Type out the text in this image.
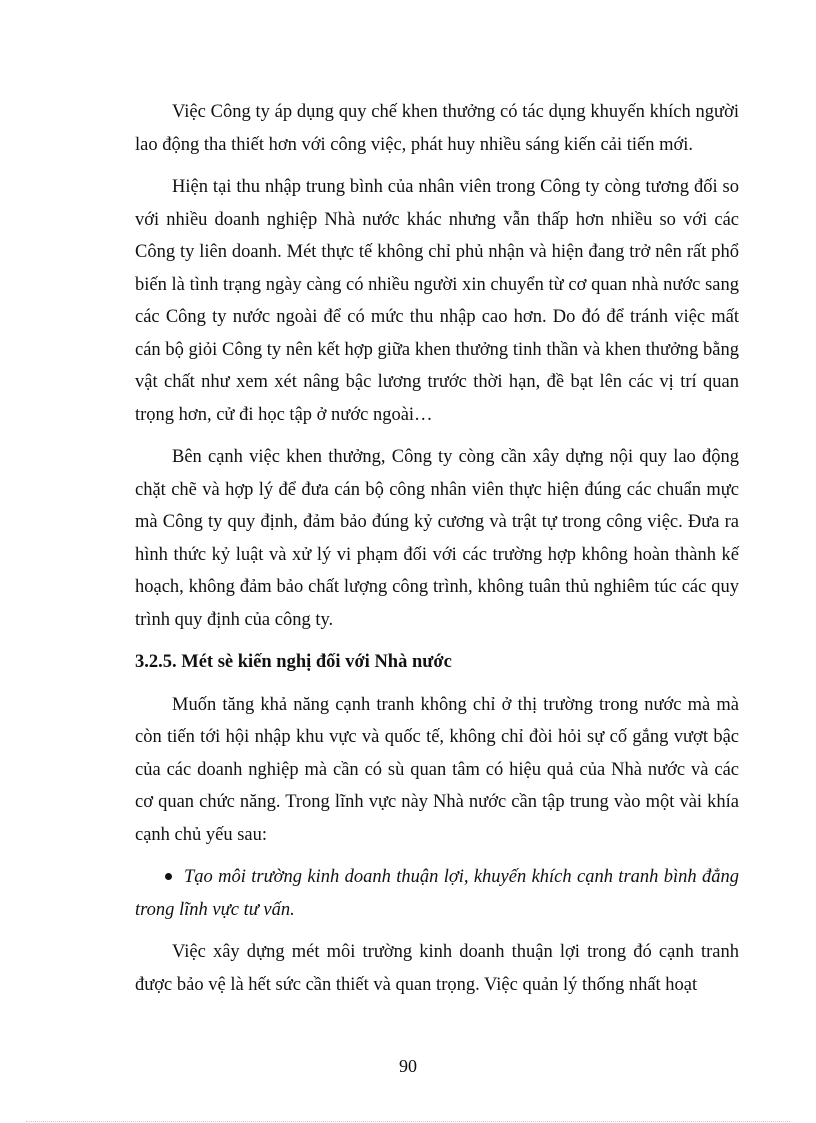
Việc Công ty áp dụng quy chế khen thưởng có tác dụng khuyến khích người lao động tha thiết hơn với công việc, phát huy nhiều sáng kiến cải tiến mới.

Hiện tại thu nhập trung bình của nhân viên trong Công ty còng tương đối so với nhiều doanh nghiệp Nhà nước khác nhưng vẫn thấp hơn nhiều so với các Công ty liên doanh. Mét thực tế không chỉ phủ nhận và hiện đang trở nên rất phổ biến là tình trạng ngày càng có nhiều người xin chuyển từ cơ quan nhà nước sang các Công ty nước ngoài để có mức thu nhập cao hơn. Do đó để tránh việc mất cán bộ giỏi Công ty nên kết hợp giữa khen thưởng tinh thần và khen thưởng bằng vật chất như xem xét nâng bậc lương trước thời hạn, đề bạt lên các vị trí quan trọng hơn, cử đi học tập ở nước ngoài…

Bên cạnh việc khen thưởng, Công ty còng cần xây dựng nội quy lao động chặt chẽ và hợp lý để đưa cán bộ công nhân viên thực hiện đúng các chuẩn mực mà Công ty quy định, đảm bảo đúng kỷ cương và trật tự trong công việc. Đưa ra hình thức kỷ luật và xử lý vi phạm đối với các trường hợp không hoàn thành kế hoạch, không đảm bảo chất lượng công trình, không tuân thủ nghiêm túc các quy trình quy định của công ty.

3.2.5. Mét sè kiến nghị đối với Nhà nước

Muốn tăng khả năng cạnh tranh không chỉ ở thị trường trong nước mà mà còn tiến tới hội nhập khu vực và quốc tế, không chỉ đòi hỏi sự cố gắng vượt bậc của các doanh nghiệp mà cần có sù quan tâm có hiệu quả của Nhà nước và các cơ quan chức năng. Trong lĩnh vực này Nhà nước cần tập trung vào một vài khía cạnh chủ yếu sau:

Tạo môi trường kinh doanh thuận lợi, khuyến khích cạnh tranh bình đẳng trong lĩnh vực tư vấn.

Việc xây dựng mét môi trường kinh doanh thuận lợi trong đó cạnh tranh được bảo vệ là hết sức cần thiết và quan trọng. Việc quản lý thống nhất hoạt

90
